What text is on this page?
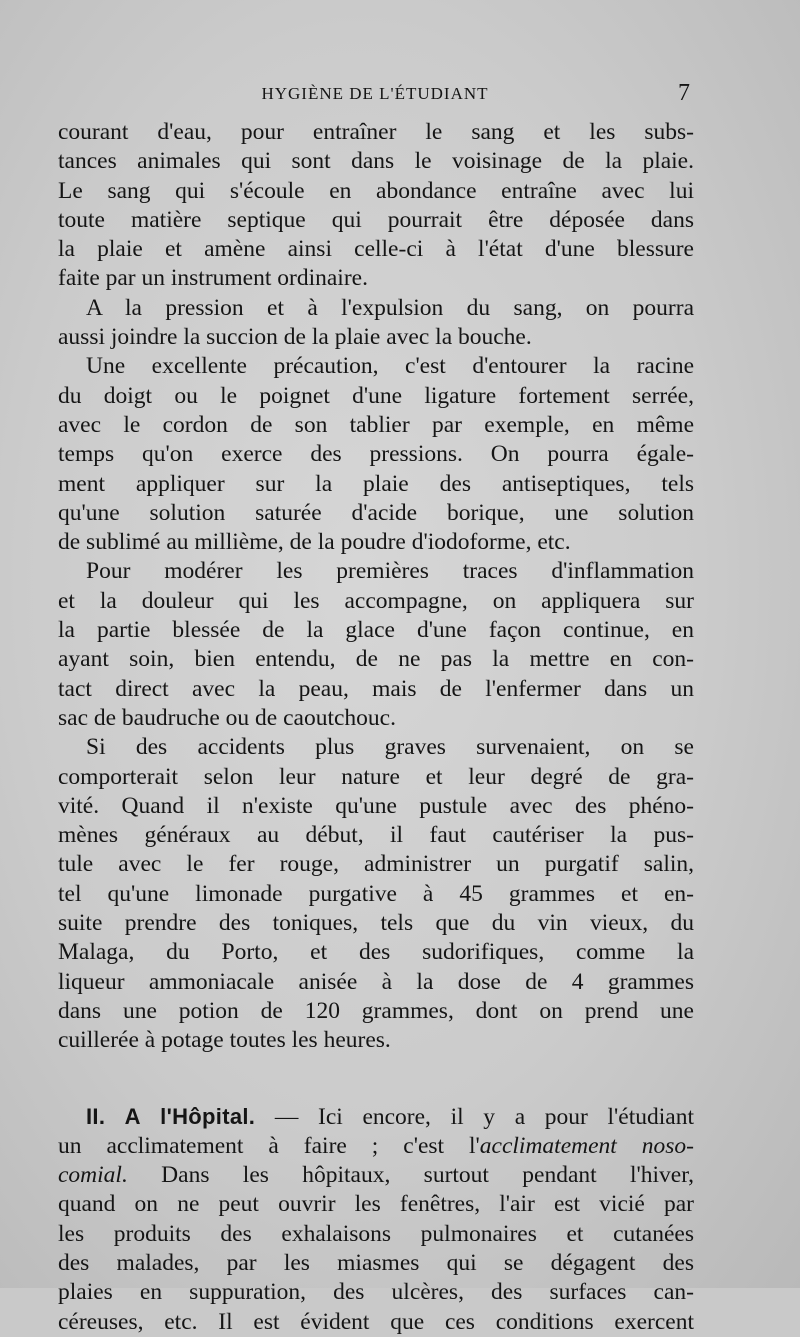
HYGIÈNE DE L'ÉTUDIANT	7

courant d'eau, pour entraîner le sang et les subs-
tances animales qui sont dans le voisinage de la plaie.
Le sang qui s'écoule en abondance entraîne avec lui
toute matière septique qui pourrait être déposée dans
la plaie et amène ainsi celle-ci à l'état d'une blessure
faite par un instrument ordinaire.

A la pression et à l'expulsion du sang, on pourra
aussi joindre la succion de la plaie avec la bouche.

Une excellente précaution, c'est d'entourer la racine
du doigt ou le poignet d'une ligature fortement serrée,
avec le cordon de son tablier par exemple, en même
temps qu'on exerce des pressions. On pourra égale-
ment appliquer sur la plaie des antiseptiques, tels
qu'une solution saturée d'acide borique, une solution
de sublimé au millième, de la poudre d'iodoforme, etc.

Pour modérer les premières traces d'inflammation
et la douleur qui les accompagne, on appliquera sur
la partie blessée de la glace d'une façon continue, en
ayant soin, bien entendu, de ne pas la mettre en con-
tact direct avec la peau, mais de l'enfermer dans un
sac de baudruche ou de caoutchouc.

Si des accidents plus graves survenaient, on se
comporterait selon leur nature et leur degré de gra-
vité. Quand il n'existe qu'une pustule avec des phéno-
mènes généraux au début, il faut cautériser la pus-
tule avec le fer rouge, administrer un purgatif salin,
tel qu'une limonade purgative à 45 grammes et en-
suite prendre des toniques, tels que du vin vieux, du
Malaga, du Porto, et des sudorifiques, comme la
liqueur ammoniacale anisée à la dose de 4 grammes
dans une potion de 120 grammes, dont on prend une
cuillerée à potage toutes les heures.

II. A l'Hôpital. — Ici encore, il y a pour l'étudiant
un acclimatement à faire ; c'est l'acclimatement noso-
comial. Dans les hôpitaux, surtout pendant l'hiver,
quand on ne peut ouvrir les fenêtres, l'air est vicié par
les produits des exhalaisons pulmonaires et cutanées
des malades, par les miasmes qui se dégagent des
plaies en suppuration, des ulcères, des surfaces can-
céreuses, etc. Il est évident que ces conditions exercent
